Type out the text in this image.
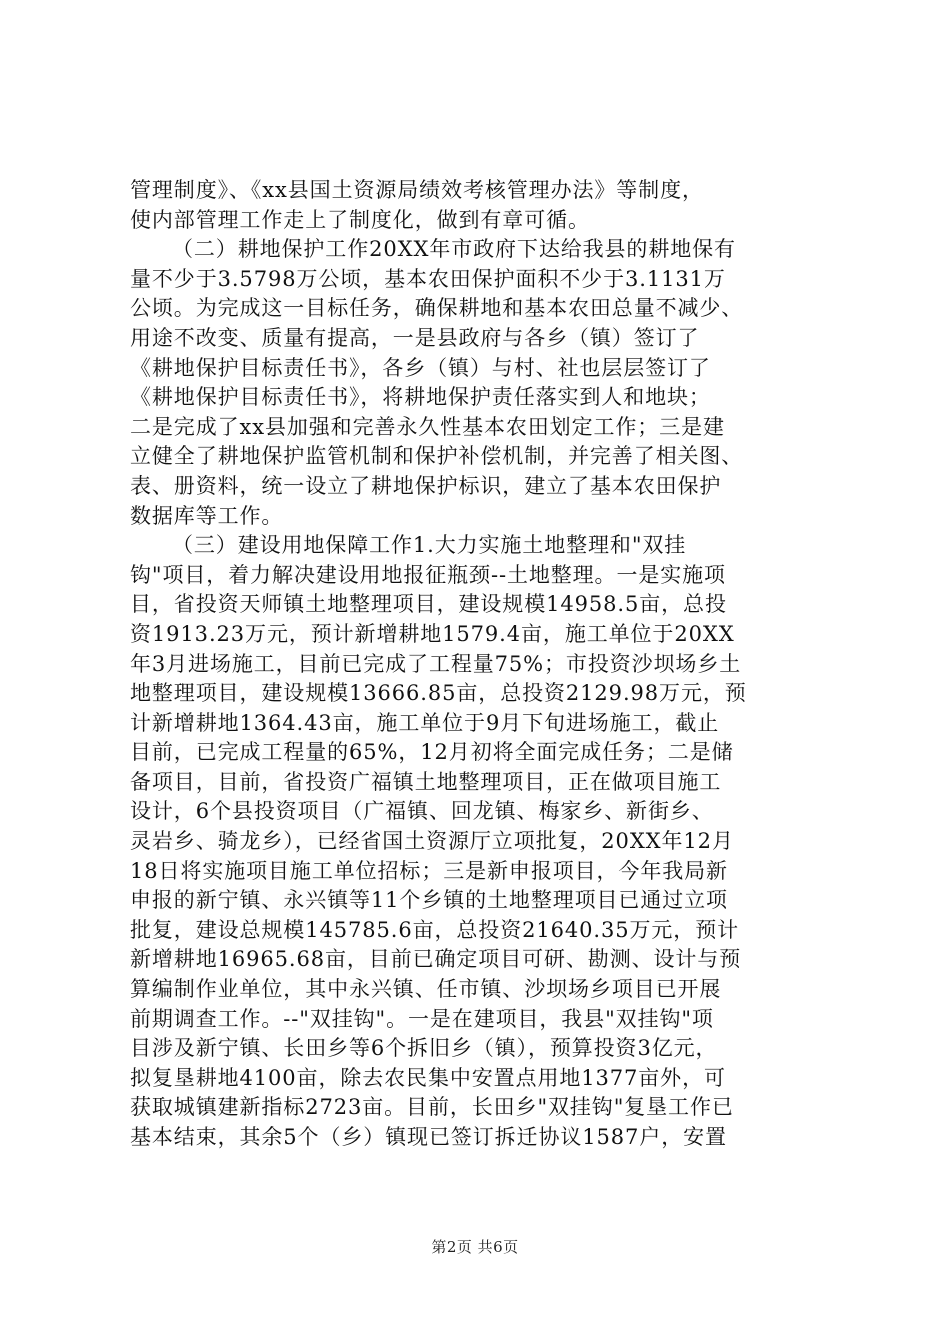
管理制度》、《xx县国土资源局绩效考核管理办法》等制度，
使内部管理工作走上了制度化，做到有章可循。
（二）耕地保护工作20XX年市政府下达给我县的耕地保有
量不少于3.5798万公顷，基本农田保护面积不少于3.1131万
公顷。为完成这一目标任务，确保耕地和基本农田总量不减少、
用途不改变、质量有提高，一是县政府与各乡（镇）签订了
《耕地保护目标责任书》，各乡（镇）与村、社也层层签订了
《耕地保护目标责任书》，将耕地保护责任落实到人和地块；
二是完成了xx县加强和完善永久性基本农田划定工作；三是建
立健全了耕地保护监管机制和保护补偿机制，并完善了相关图、
表、册资料，统一设立了耕地保护标识，建立了基本农田保护
数据库等工作。
（三）建设用地保障工作1.大力实施土地整理和"双挂
钩"项目，着力解决建设用地报征瓶颈--土地整理。一是实施项
目，省投资天师镇土地整理项目，建设规模14958.5亩，总投
资1913.23万元，预计新增耕地1579.4亩，施工单位于20XX
年3月进场施工，目前已完成了工程量75%；市投资沙坝场乡土
地整理项目，建设规模13666.85亩，总投资2129.98万元，预
计新增耕地1364.43亩，施工单位于9月下旬进场施工，截止
目前，已完成工程量的65%，12月初将全面完成任务；二是储
备项目，目前，省投资广福镇土地整理项目，正在做项目施工
设计，6个县投资项目（广福镇、回龙镇、梅家乡、新街乡、
灵岩乡、骑龙乡），已经省国土资源厅立项批复，20XX年12月
18日将实施项目施工单位招标；三是新申报项目，今年我局新
申报的新宁镇、永兴镇等11个乡镇的土地整理项目已通过立项
批复，建设总规模145785.6亩，总投资21640.35万元，预计
新增耕地16965.68亩，目前已确定项目可研、勘测、设计与预
算编制作业单位，其中永兴镇、任市镇、沙坝场乡项目已开展
前期调查工作。--"双挂钩"。一是在建项目，我县"双挂钩"项
目涉及新宁镇、长田乡等6个拆旧乡（镇），预算投资3亿元，
拟复垦耕地4100亩，除去农民集中安置点用地1377亩外，可
获取城镇建新指标2723亩。目前，长田乡"双挂钩"复垦工作已
基本结束，其余5个（乡）镇现已签订拆迁协议1587户，安置
第2页 共6页
